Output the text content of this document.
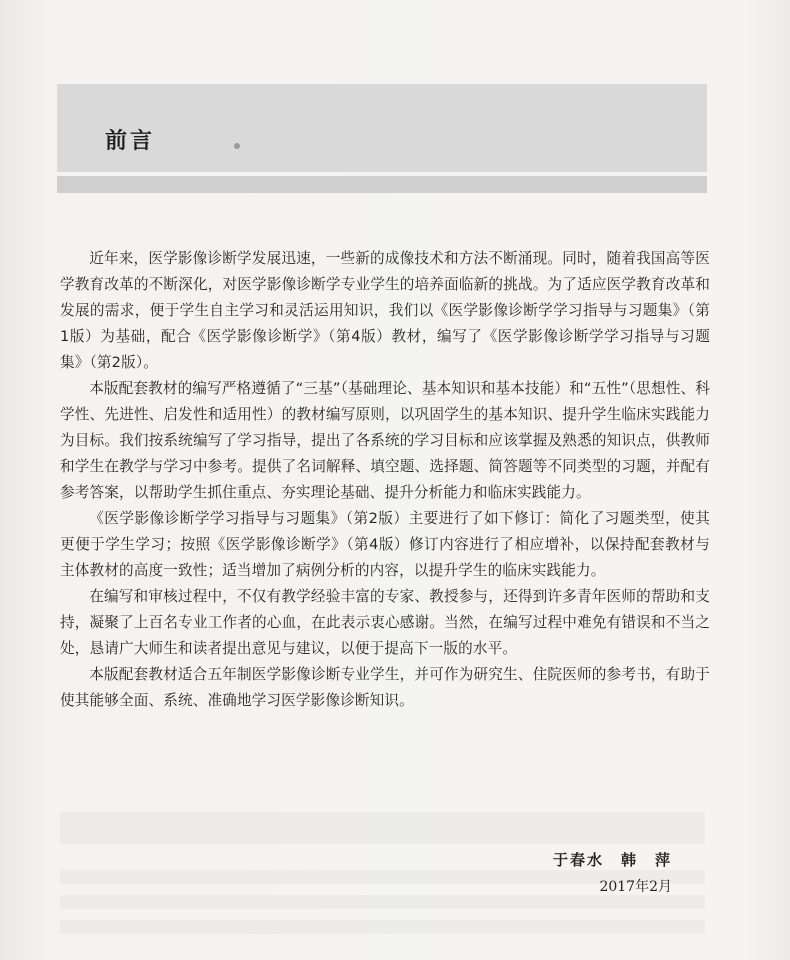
前言

近年来，医学影像诊断学发展迅速，一些新的成像技术和方法不断涌现。同时，随着我国高等医学教育改革的不断深化，对医学影像诊断学专业学生的培养面临新的挑战。为了适应医学教育改革和发展的需求，便于学生自主学习和灵活运用知识，我们以《医学影像诊断学学习指导与习题集》（第1版）为基础，配合《医学影像诊断学》（第4版）教材，编写了《医学影像诊断学学习指导与习题集》（第2版）。

本版配套教材的编写严格遵循了“三基”（基础理论、基本知识和基本技能）和“五性”（思想性、科学性、先进性、启发性和适用性）的教材编写原则，以巩固学生的基本知识、提升学生临床实践能力为目标。我们按系统编写了学习指导，提出了各系统的学习目标和应该掌握及熟悉的知识点，供教师和学生在教学与学习中参考。提供了名词解释、填空题、选择题、简答题等不同类型的习题，并配有参考答案，以帮助学生抓住重点、夯实理论基础、提升分析能力和临床实践能力。

《医学影像诊断学学习指导与习题集》（第2版）主要进行了如下修订：简化了习题类型，使其更便于学生学习；按照《医学影像诊断学》（第4版）修订内容进行了相应增补，以保持配套教材与主体教材的高度一致性；适当增加了病例分析的内容，以提升学生的临床实践能力。

在编写和审核过程中，不仅有教学经验丰富的专家、教授参与，还得到许多青年医师的帮助和支持，凝聚了上百名专业工作者的心血，在此表示衷心感谢。当然，在编写过程中难免有错误和不当之处，恳请广大师生和读者提出意见与建议，以便于提高下一版的水平。

本版配套教材适合五年制医学影像诊断专业学生，并可作为研究生、住院医师的参考书，有助于使其能够全面、系统、准确地学习医学影像诊断知识。

于春水　韩　萍
2017年2月
